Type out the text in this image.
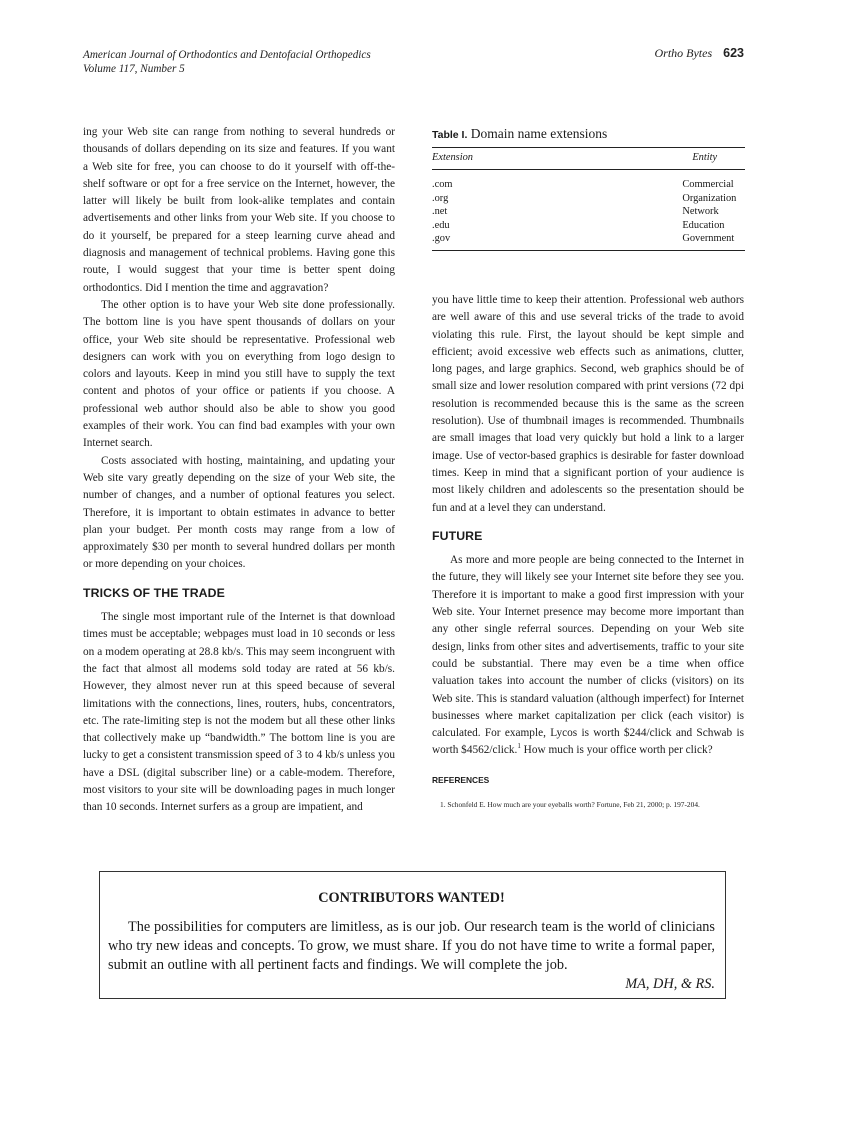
American Journal of Orthodontics and Dentofacial Orthopedics
Volume 117, Number 5
Ortho Bytes 623

ing your Web site can range from nothing to several hundreds or thousands of dollars depending on its size and features. If you want a Web site for free, you can choose to do it yourself with off-the-shelf software or opt for a free service on the Internet, however, the latter will likely be built from look-alike templates and contain advertisements and other links from your Web site. If you choose to do it yourself, be prepared for a steep learning curve ahead and diagnosis and management of technical problems. Having gone this route, I would suggest that your time is better spent doing orthodontics. Did I mention the time and aggravation?

The other option is to have your Web site done professionally. The bottom line is you have spent thousands of dollars on your office, your Web site should be representative. Professional web designers can work with you on everything from logo design to colors and layouts. Keep in mind you still have to supply the text content and photos of your office or patients if you choose. A professional web author should also be able to show you good examples of their work. You can find bad examples with your own Internet search.

Costs associated with hosting, maintaining, and updating your Web site vary greatly depending on the size of your Web site, the number of changes, and a number of optional features you select. Therefore, it is important to obtain estimates in advance to better plan your budget. Per month costs may range from a low of approximately $30 per month to several hundred dollars per month or more depending on your choices.

TRICKS OF THE TRADE

The single most important rule of the Internet is that download times must be acceptable; webpages must load in 10 seconds or less on a modem operating at 28.8 kb/s. This may seem incongruent with the fact that almost all modems sold today are rated at 56 kb/s. However, they almost never run at this speed because of several limitations with the connections, lines, routers, hubs, concentrators, etc. The rate-limiting step is not the modem but all these other links that collectively make up “bandwidth.” The bottom line is you are lucky to get a consistent transmission speed of 3 to 4 kb/s unless you have a DSL (digital subscriber line) or a cable-modem. Therefore, most visitors to your site will be downloading pages in much longer than 10 seconds. Internet surfers as a group are impatient, and

Table I. Domain name extensions
Extension	Entity
.com	Commercial
.org	Organization
.net	Network
.edu	Education
.gov	Government

you have little time to keep their attention. Professional web authors are well aware of this and use several tricks of the trade to avoid violating this rule. First, the layout should be kept simple and efficient; avoid excessive web effects such as animations, clutter, long pages, and large graphics. Second, web graphics should be of small size and lower resolution compared with print versions (72 dpi resolution is recommended because this is the same as the screen resolution). Use of thumbnail images is recommended. Thumbnails are small images that load very quickly but hold a link to a larger image. Use of vector-based graphics is desirable for faster download times. Keep in mind that a significant portion of your audience is most likely children and adolescents so the presentation should be fun and at a level they can understand.

FUTURE

As more and more people are being connected to the Internet in the future, they will likely see your Internet site before they see you. Therefore it is important to make a good first impression with your Web site. Your Internet presence may become more important than any other single referral sources. Depending on your Web site design, links from other sites and advertisements, traffic to your site could be substantial. There may even be a time when office valuation takes into account the number of clicks (visitors) on its Web site. This is standard valuation (although imperfect) for Internet businesses where market capitalization per click (each visitor) is calculated. For example, Lycos is worth $244/click and Schwab is worth $4562/click.$^1$ How much is your office worth per click?

REFERENCES
1. Schonfeld E. How much are your eyeballs worth? Fortune, Feb 21, 2000; p. 197-204.
CONTRIBUTORS WANTED!
The possibilities for computers are limitless, as is our job. Our research team is the world of clinicians who try new ideas and concepts. To grow, we must share. If you do not have time to write a formal paper, submit an outline with all pertinent facts and findings. We will complete the job.
MA, DH, & RS.
